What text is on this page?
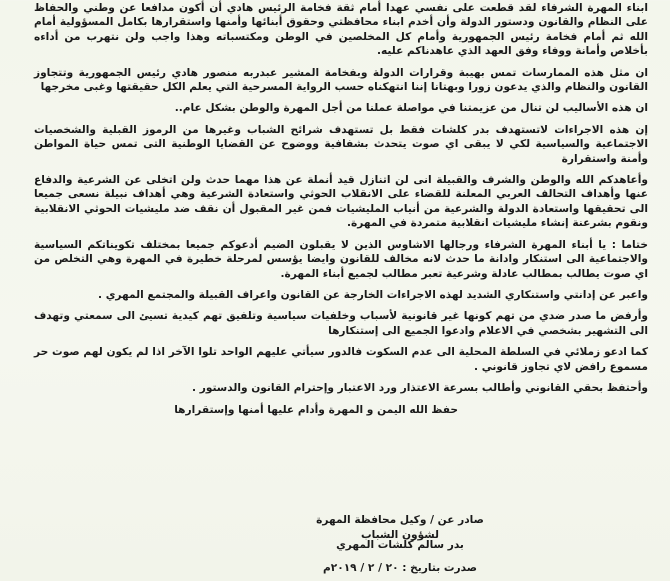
ابناء المهرة الشرفاء لقد قطعت على نفسي عهدا أمام ثقة فخامة الرئيس هادي أن أكون مدافعا عن وطني والحفاظ على النظام والقانون ودستور الدولة وأن أخدم ابناء محافظتي وحقوق أبنائها وأمنها واستقرارها بكامل المسؤولية أمام الله ثم أمام فخامة رئيس الجمهورية وأمام كل المخلصين في الوطن ومكتسباته وهذا واجب ولن نتهرب من أداءه بأخلاص وأمانة ووفاء وفق العهد الذي عاهدناكم عليه.

ان مثل هذه الممارسات تمس بهيبة وقرارات الدولة وبفخامة المشير عبدربه منصور هادي رئيس الجمهورية وتتجاوز القانون والنظام والذي يدعون زورا وبهتانا إننا انتهكناه حسب الرواية المسرحية التي يعلم الكل حقيقتها وغبى مخرجها

ان هذه الأساليب لن تنال من عزيمتنا في مواصلة عملنا من أجل المهرة والوطن بشكل عام..

إن هذه الاجراءات لاتستهدف بدر كلشات فقط بل تستهدف شرائح الشباب وغيرها من الرموز القبلية والشخصيات الاجتماعية والسياسية لكي لا يبقى اي صوت يتحدث بشفافية ووضوح عن القضايا الوطنية التى تمس حياة المواطن وأمنة واستقرارة

وأعاهدكم الله والوطن والشرف والقبيلة انى لن اتنازل قيد أنملة عن هذا مهما حدث ولن اتخلى عن الشرعية والدفاع عنها وأهداف التحالف العربي المعلنة للقضاء على الانقلاب الحوثي واستعادة الشرعية وهي أهداف نبيلة نسعى جميعا الى تحقيقها واستعادة الدولة والشرعية من أنياب المليشيات فمن غير المقبول أن نقف ضد مليشيات الحوثي الانقلابية ونقوم بشرعنة إنشاء مليشيات انقلابية متمردة في المهرة.

ختاما : يا أبناء المهرة الشرفاء ورجالها الاشاوس الذين لا يقبلون الضيم أدعوكم جميعا بمختلف تكويناتكم السياسية والاجتماعية الى استنكار وادانة ما حدث لانه مخالف للقانون وايضا يؤسس لمرحلة خطيرة في المهرة وهي التخلص من اي صوت يطالب بمطالب عادلة وشرعية تعبر مطالب لجميع أبناء المهرة.

واعبر عن إدانتي واستنكاري الشديد لهذه الاجراءات الخارجة عن القانون واعراف القبيلة والمجتمع المهري .

وأرفض ما صدر ضدي من تهم كونها غير قانونية لأسباب وخلفيات سياسية وتلفيق تهم كيدية تسيئ الى سمعتي وتهدف الى التشهير بشخصي في الاعلام وادعوا الجميع الى إستنكارها

كما ادعو زملائي في السلطة المحلية الى عدم السكوت فالدور سيأتي عليهم الواحد تلوا الآخر اذا لم يكون لهم صوت حر مسموع رافض لاي تجاوز قانوني .

وأحتفظ بحقي القانوني وأطالب بسرعة الاعتذار ورد الاعتبار وإحترام القانون والدستور .

حفظ الله اليمن و المهرة وأدام عليها أمنها وإستقرارها

صادر عن / وكيل محافظة المهرة لشؤون الشباب
بدر سالم كلشات المهري
صدرت بتاريخ : ٢٠ / ٢ / ٢٠١٩م
